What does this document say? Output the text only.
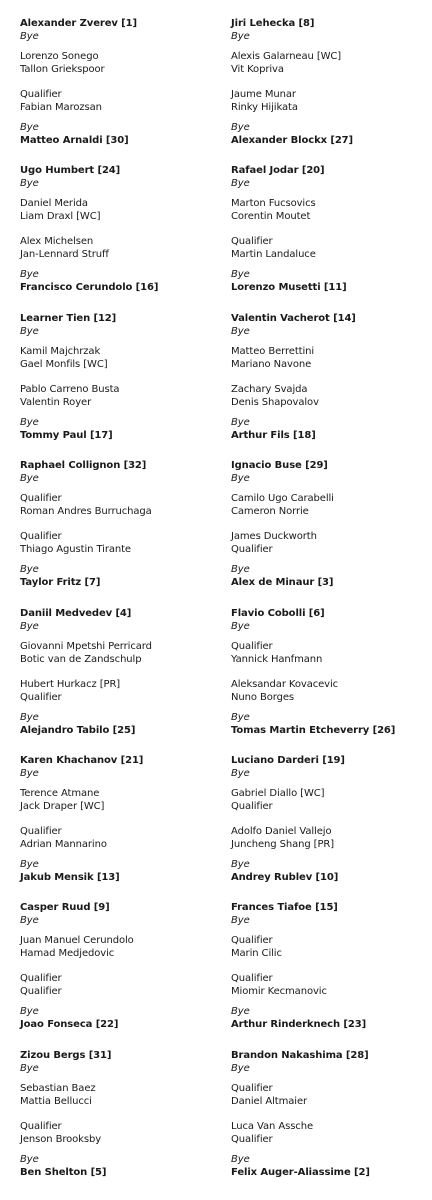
Alexander Zverev [1]
Bye
Lorenzo Sonego
Tallon Griekspoor
Qualifier
Fabian Marozsan
Bye
Matteo Arnaldi [30]
Ugo Humbert [24]
Bye
Daniel Merida
Liam Draxl [WC]
Alex Michelsen
Jan-Lennard Struff
Bye
Francisco Cerundolo [16]
Learner Tien [12]
Bye
Kamil Majchrzak
Gael Monfils [WC]
Pablo Carreno Busta
Valentin Royer
Bye
Tommy Paul [17]
Raphael Collignon [32]
Bye
Qualifier
Roman Andres Burruchaga
Qualifier
Thiago Agustin Tirante
Bye
Taylor Fritz [7]
Daniil Medvedev [4]
Bye
Giovanni Mpetshi Perricard
Botic van de Zandschulp
Hubert Hurkacz [PR]
Qualifier
Bye
Alejandro Tabilo [25]
Karen Khachanov [21]
Bye
Terence Atmane
Jack Draper [WC]
Qualifier
Adrian Mannarino
Bye
Jakub Mensik [13]
Casper Ruud [9]
Bye
Juan Manuel Cerundolo
Hamad Medjedovic
Qualifier
Qualifier
Bye
Joao Fonseca [22]
Zizou Bergs [31]
Bye
Sebastian Baez
Mattia Bellucci
Qualifier
Jenson Brooksby
Bye
Ben Shelton [5]
Jiri Lehecka [8]
Bye
Alexis Galarneau [WC]
Vit Kopriva
Jaume Munar
Rinky Hijikata
Bye
Alexander Blockx [27]
Rafael Jodar [20]
Bye
Marton Fucsovics
Corentin Moutet
Qualifier
Martin Landaluce
Bye
Lorenzo Musetti [11]
Valentin Vacherot [14]
Bye
Matteo Berrettini
Mariano Navone
Zachary Svajda
Denis Shapovalov
Bye
Arthur Fils [18]
Ignacio Buse [29]
Bye
Camilo Ugo Carabelli
Cameron Norrie
James Duckworth
Qualifier
Bye
Alex de Minaur [3]
Flavio Cobolli [6]
Bye
Qualifier
Yannick Hanfmann
Aleksandar Kovacevic
Nuno Borges
Bye
Tomas Martin Etcheverry [26]
Luciano Darderi [19]
Bye
Gabriel Diallo [WC]
Qualifier
Adolfo Daniel Vallejo
Juncheng Shang [PR]
Bye
Andrey Rublev [10]
Frances Tiafoe [15]
Bye
Qualifier
Marin Cilic
Qualifier
Miomir Kecmanovic
Bye
Arthur Rinderknech [23]
Brandon Nakashima [28]
Bye
Qualifier
Daniel Altmaier
Luca Van Assche
Qualifier
Bye
Felix Auger-Aliassime [2]
